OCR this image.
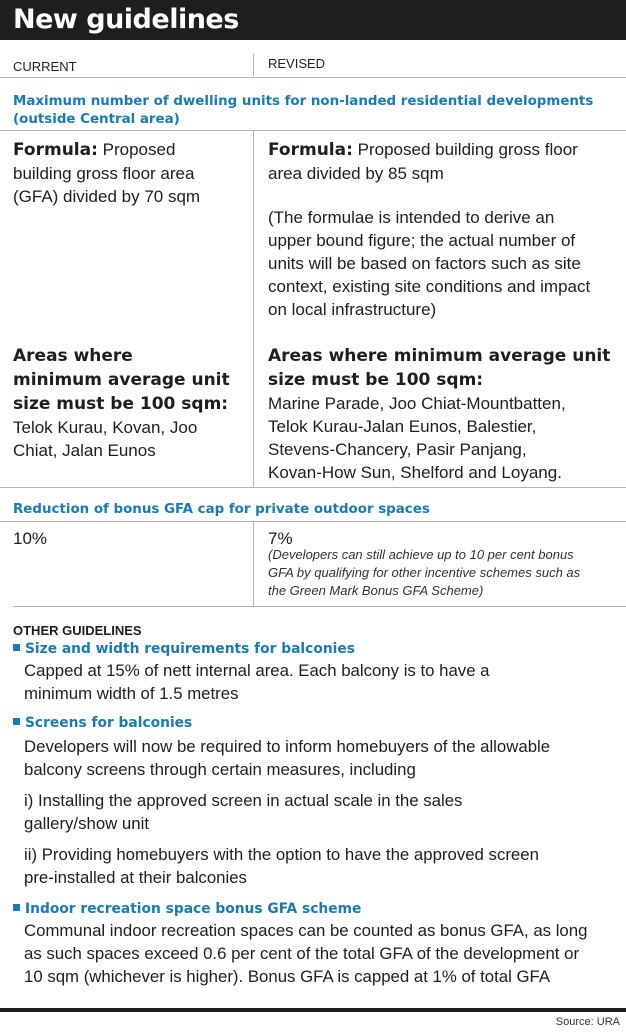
New guidelines
CURRENT	REVISED
Maximum number of dwelling units for non-landed residential developments
(outside Central area)
Formula: Proposed
building gross floor area
(GFA) divided by 70 sqm
Formula: Proposed building gross floor
area divided by 85 sqm
(The formulae is intended to derive an
upper bound figure; the actual number of
units will be based on factors such as site
context, existing site conditions and impact
on local infrastructure)
Areas where
minimum average unit
size must be 100 sqm:
Telok Kurau, Kovan, Joo
Chiat, Jalan Eunos
Areas where minimum average unit
size must be 100 sqm:
Marine Parade, Joo Chiat-Mountbatten,
Telok Kurau-Jalan Eunos, Balestier,
Stevens-Chancery, Pasir Panjang,
Kovan-How Sun, Shelford and Loyang.
Reduction of bonus GFA cap for private outdoor spaces
10%	7%
(Developers can still achieve up to 10 per cent bonus
GFA by qualifying for other incentive schemes such as
the Green Mark Bonus GFA Scheme)
OTHER GUIDELINES
Size and width requirements for balconies
Capped at 15% of nett internal area. Each balcony is to have a
minimum width of 1.5 metres
Screens for balconies
Developers will now be required to inform homebuyers of the allowable
balcony screens through certain measures, including
i) Installing the approved screen in actual scale in the sales
gallery/show unit
ii) Providing homebuyers with the option to have the approved screen
pre-installed at their balconies
Indoor recreation space bonus GFA scheme
Communal indoor recreation spaces can be counted as bonus GFA, as long
as such spaces exceed 0.6 per cent of the total GFA of the development or
10 sqm (whichever is higher). Bonus GFA is capped at 1% of total GFA
Source: URA
